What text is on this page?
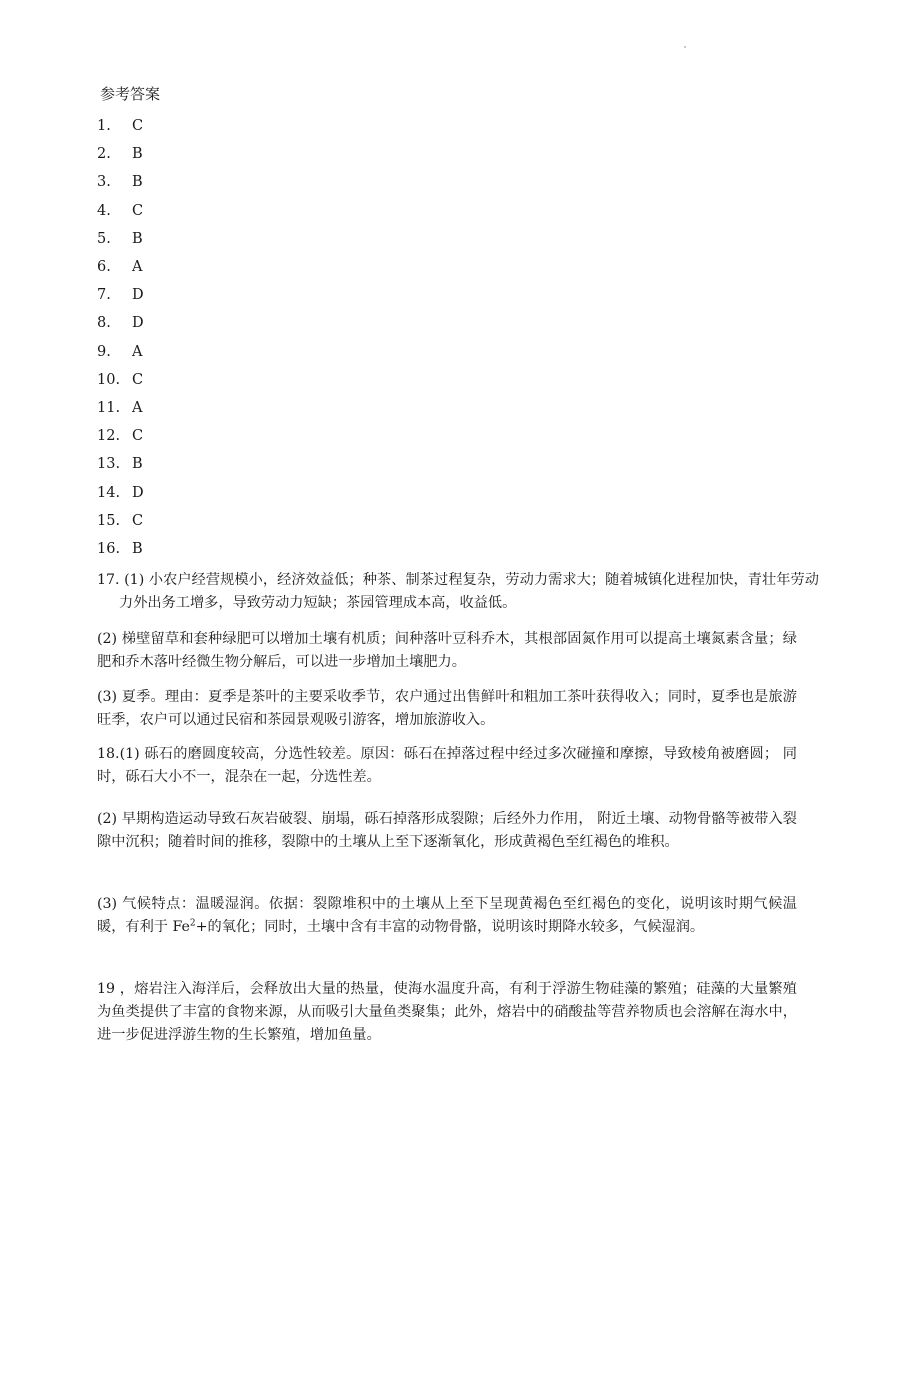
参考答案
1.	C
2.	B
3.	B
4.	C
5.	B
6.	A
7.	D
8.	D
9.	A
10. C
11. A
12. C
13. B
14. D
15. C
16. B
17. (1) 小农户经营规模小，经济效益低；种茶、制茶过程复杂，劳动力需求大；随着城镇化进程加快，青壮年劳动力外出务工增多，导致劳动力短缺；茶园管理成本高，收益低。
(2) 梯壁留草和套种绿肥可以增加土壤有机质；间种落叶豆科乔木，其根部固氮作用可以提高土壤氮素含量；绿肥和乔木落叶经微生物分解后，可以进一步增加土壤肥力。
(3) 夏季。理由：夏季是茶叶的主要采收季节，农户通过出售鲜叶和粗加工茶叶获得收入；同时，夏季也是旅游旺季，农户可以通过民宿和茶园景观吸引游客，增加旅游收入。
18.(1) 砾石的磨圆度较高，分选性较差。原因：砾石在掉落过程中经过多次碰撞和摩擦，导致棱角被磨圆； 同时，砾石大小不一，混杂在一起，分选性差。
(2) 早期构造运动导致石灰岩破裂、崩塌，砾石掉落形成裂隙；后经外力作用， 附近土壤、动物骨骼等被带入裂隙中沉积；随着时间的推移，裂隙中的土壤从上至下逐渐氧化，形成黄褐色至红褐色的堆积。
(3) 气候特点：温暖湿润。依据：裂隙堆积中的土壤从上至下呈现黄褐色至红褐色的变化，说明该时期气候温暖，有利于 $Fe^2+$的氧化；同时，土壤中含有丰富的动物骨骼，说明该时期降水较多，气候湿润。
19 ，熔岩注入海洋后，会释放出大量的热量，使海水温度升高，有利于浮游生物硅藻的繁殖；硅藻的大量繁殖为鱼类提供了丰富的食物来源，从而吸引大量鱼类聚集；此外，熔岩中的硝酸盐等营养物质也会溶解在海水中，进一步促进浮游生物的生长繁殖，增加鱼量。
